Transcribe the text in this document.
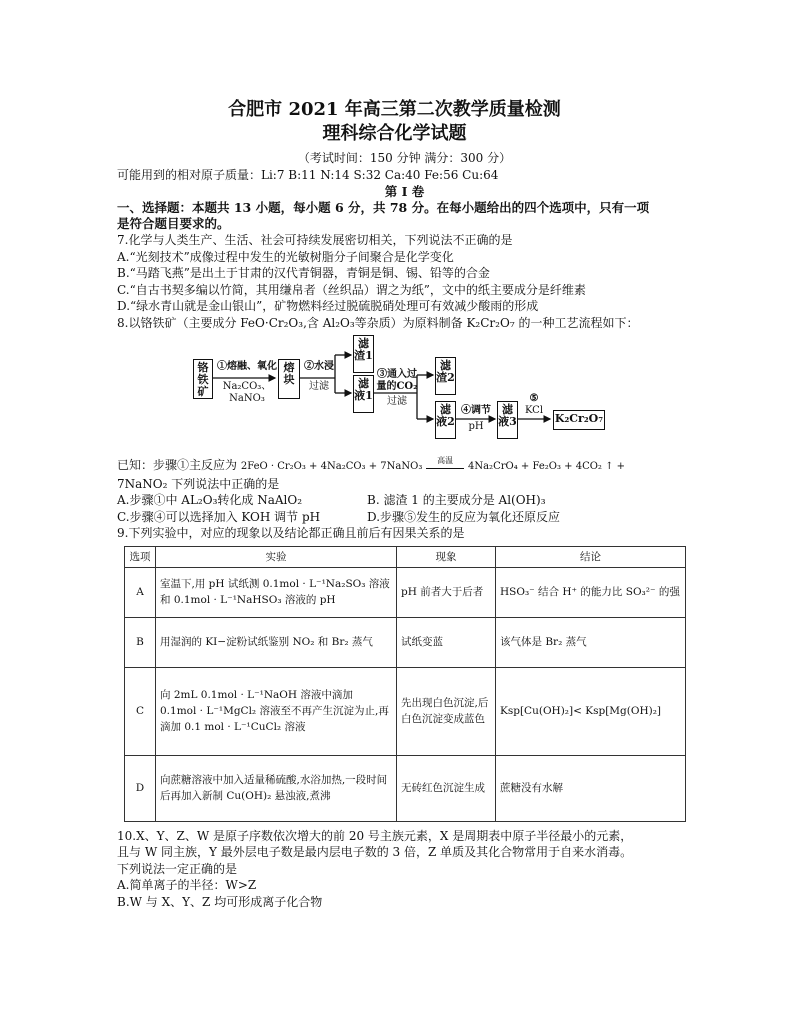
合肥市 2021 年高三第二次教学质量检测
理科综合化学试题
（考试时间：150 分钟 满分：300 分）
可能用到的相对原子质量：Li:7 B:11 N:14 S:32 Ca:40 Fe:56 Cu:64
第 I 卷
一、选择题：本题共 13 小题，每小题 6 分，共 78 分。在每小题给出的四个选项中，只有一项
是符合题目要求的。
7.化学与人类生产、生活、社会可持续发展密切相关，下列说法不正确的是
A.“光刻技术”成像过程中发生的光敏树脂分子间聚合是化学变化
B.“马踏飞燕”是出土于甘肃的汉代青铜器，青铜是铜、锡、铅等的合金
C.“自古书契多编以竹简，其用缣帛者（丝织品）谓之为纸”，文中的纸主要成分是纤维素
D.“绿水青山就是金山银山”，矿物燃料经过脱硫脱硝处理可有效减少酸雨的形成
8.以铬铁矿（主要成分 FeO·Cr₂O₃,含 Al₂O₃等杂质）为原料制备 K₂Cr₂O₇ 的一种工艺流程如下：
铬铁矿
①熔融、氧化
Na₂CO₃、NaNO₃
熔块
②水浸
过滤
滤渣1
滤液1
③通入过量的CO₂
过滤
滤渣2
滤液2
④调节
pH
滤液3
⑤
KCl
K₂Cr₂O₇
已知：步骤①主反应为 2FeO · Cr₂O₃ + 4Na₂CO₃ + 7NaNO₃
高温
4Na₂CrO₄ + Fe₂O₃ + 4CO₂ ↑ +
7NaNO₂ 下列说法中正确的是
A.步骤①中 AL₂O₃转化成 NaAlO₂	B. 滤渣 1 的主要成分是 Al(OH)₃
C.步骤④可以选择加入 KOH 调节 pH	D.步骤⑤发生的反应为氧化还原反应
9.下列实验中，对应的现象以及结论都正确且前后有因果关系的是
选项	实验	现象	结论
A	室温下,用 pH 试纸测 0.1mol · L⁻¹Na₂SO₃ 溶液和 0.1mol · L⁻¹NaHSO₃ 溶液的 pH	pH 前者大于后者	HSO₃⁻ 结合 H⁺ 的能力比 SO₃²⁻ 的强
B	用湿润的 KI−淀粉试纸鉴别 NO₂ 和 Br₂ 蒸气	试纸变蓝	该气体是 Br₂ 蒸气
C	向 2mL 0.1mol · L⁻¹NaOH 溶液中滴加 0.1mol · L⁻¹MgCl₂ 溶液至不再产生沉淀为止,再滴加 0.1 mol · L⁻¹CuCl₂ 溶液	先出现白色沉淀,后白色沉淀变成蓝色	Ksp[Cu(OH)₂]< Ksp[Mg(OH)₂]
D	向蔗糖溶液中加入适量稀硫酸,水浴加热,一段时间后再加入新制 Cu(OH)₂ 悬浊液,煮沸	无砖红色沉淀生成	蔗糖没有水解
10.X、Y、Z、W 是原子序数依次增大的前 20 号主族元素，X 是周期表中原子半径最小的元素，
且与 W 同主族，Y 最外层电子数是最内层电子数的 3 倍，Z 单质及其化合物常用于自来水消毒。
下列说法一定正确的是
A.简单离子的半径：W>Z
B.W 与 X、Y、Z 均可形成离子化合物
